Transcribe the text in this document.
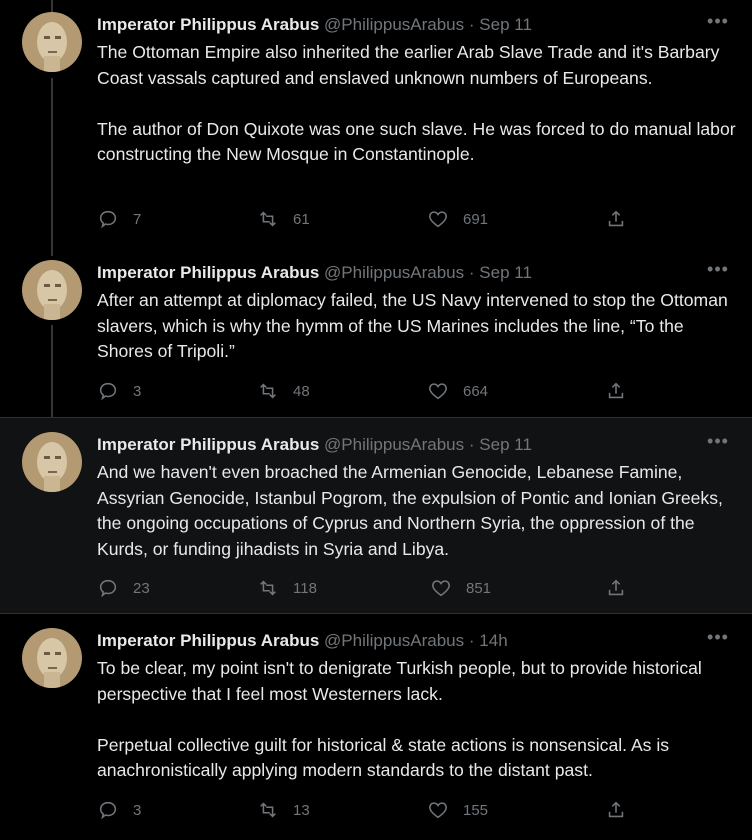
Imperator Philippus Arabus @PhilippusArabus · Sep 11	•••

The Ottoman Empire also inherited the earlier Arab Slave Trade and it's Barbary Coast vassals captured and enslaved unknown numbers of Europeans.

The author of Don Quixote was one such slave. He was forced to do manual labor constructing the New Mosque in Constantinople.

7	61	691
Imperator Philippus Arabus @PhilippusArabus · Sep 11	•••

After an attempt at diplomacy failed, the US Navy intervened to stop the Ottoman slavers, which is why the hymm of the US Marines includes the line, “To the Shores of Tripoli.”

3	48	664
Imperator Philippus Arabus @PhilippusArabus · Sep 11	•••

And we haven't even broached the Armenian Genocide, Lebanese Famine, Assyrian Genocide, Istanbul Pogrom, the expulsion of Pontic and Ionian Greeks, the ongoing occupations of Cyprus and Northern Syria, the oppression of the Kurds, or funding jihadists in Syria and Libya.

23	118	851
Imperator Philippus Arabus @PhilippusArabus · 14h	•••

To be clear, my point isn't to denigrate Turkish people, but to provide historical perspective that I feel most Westerners lack.

Perpetual collective guilt for historical & state actions is nonsensical. As is anachronistically applying modern standards to the distant past.

3	13	155
